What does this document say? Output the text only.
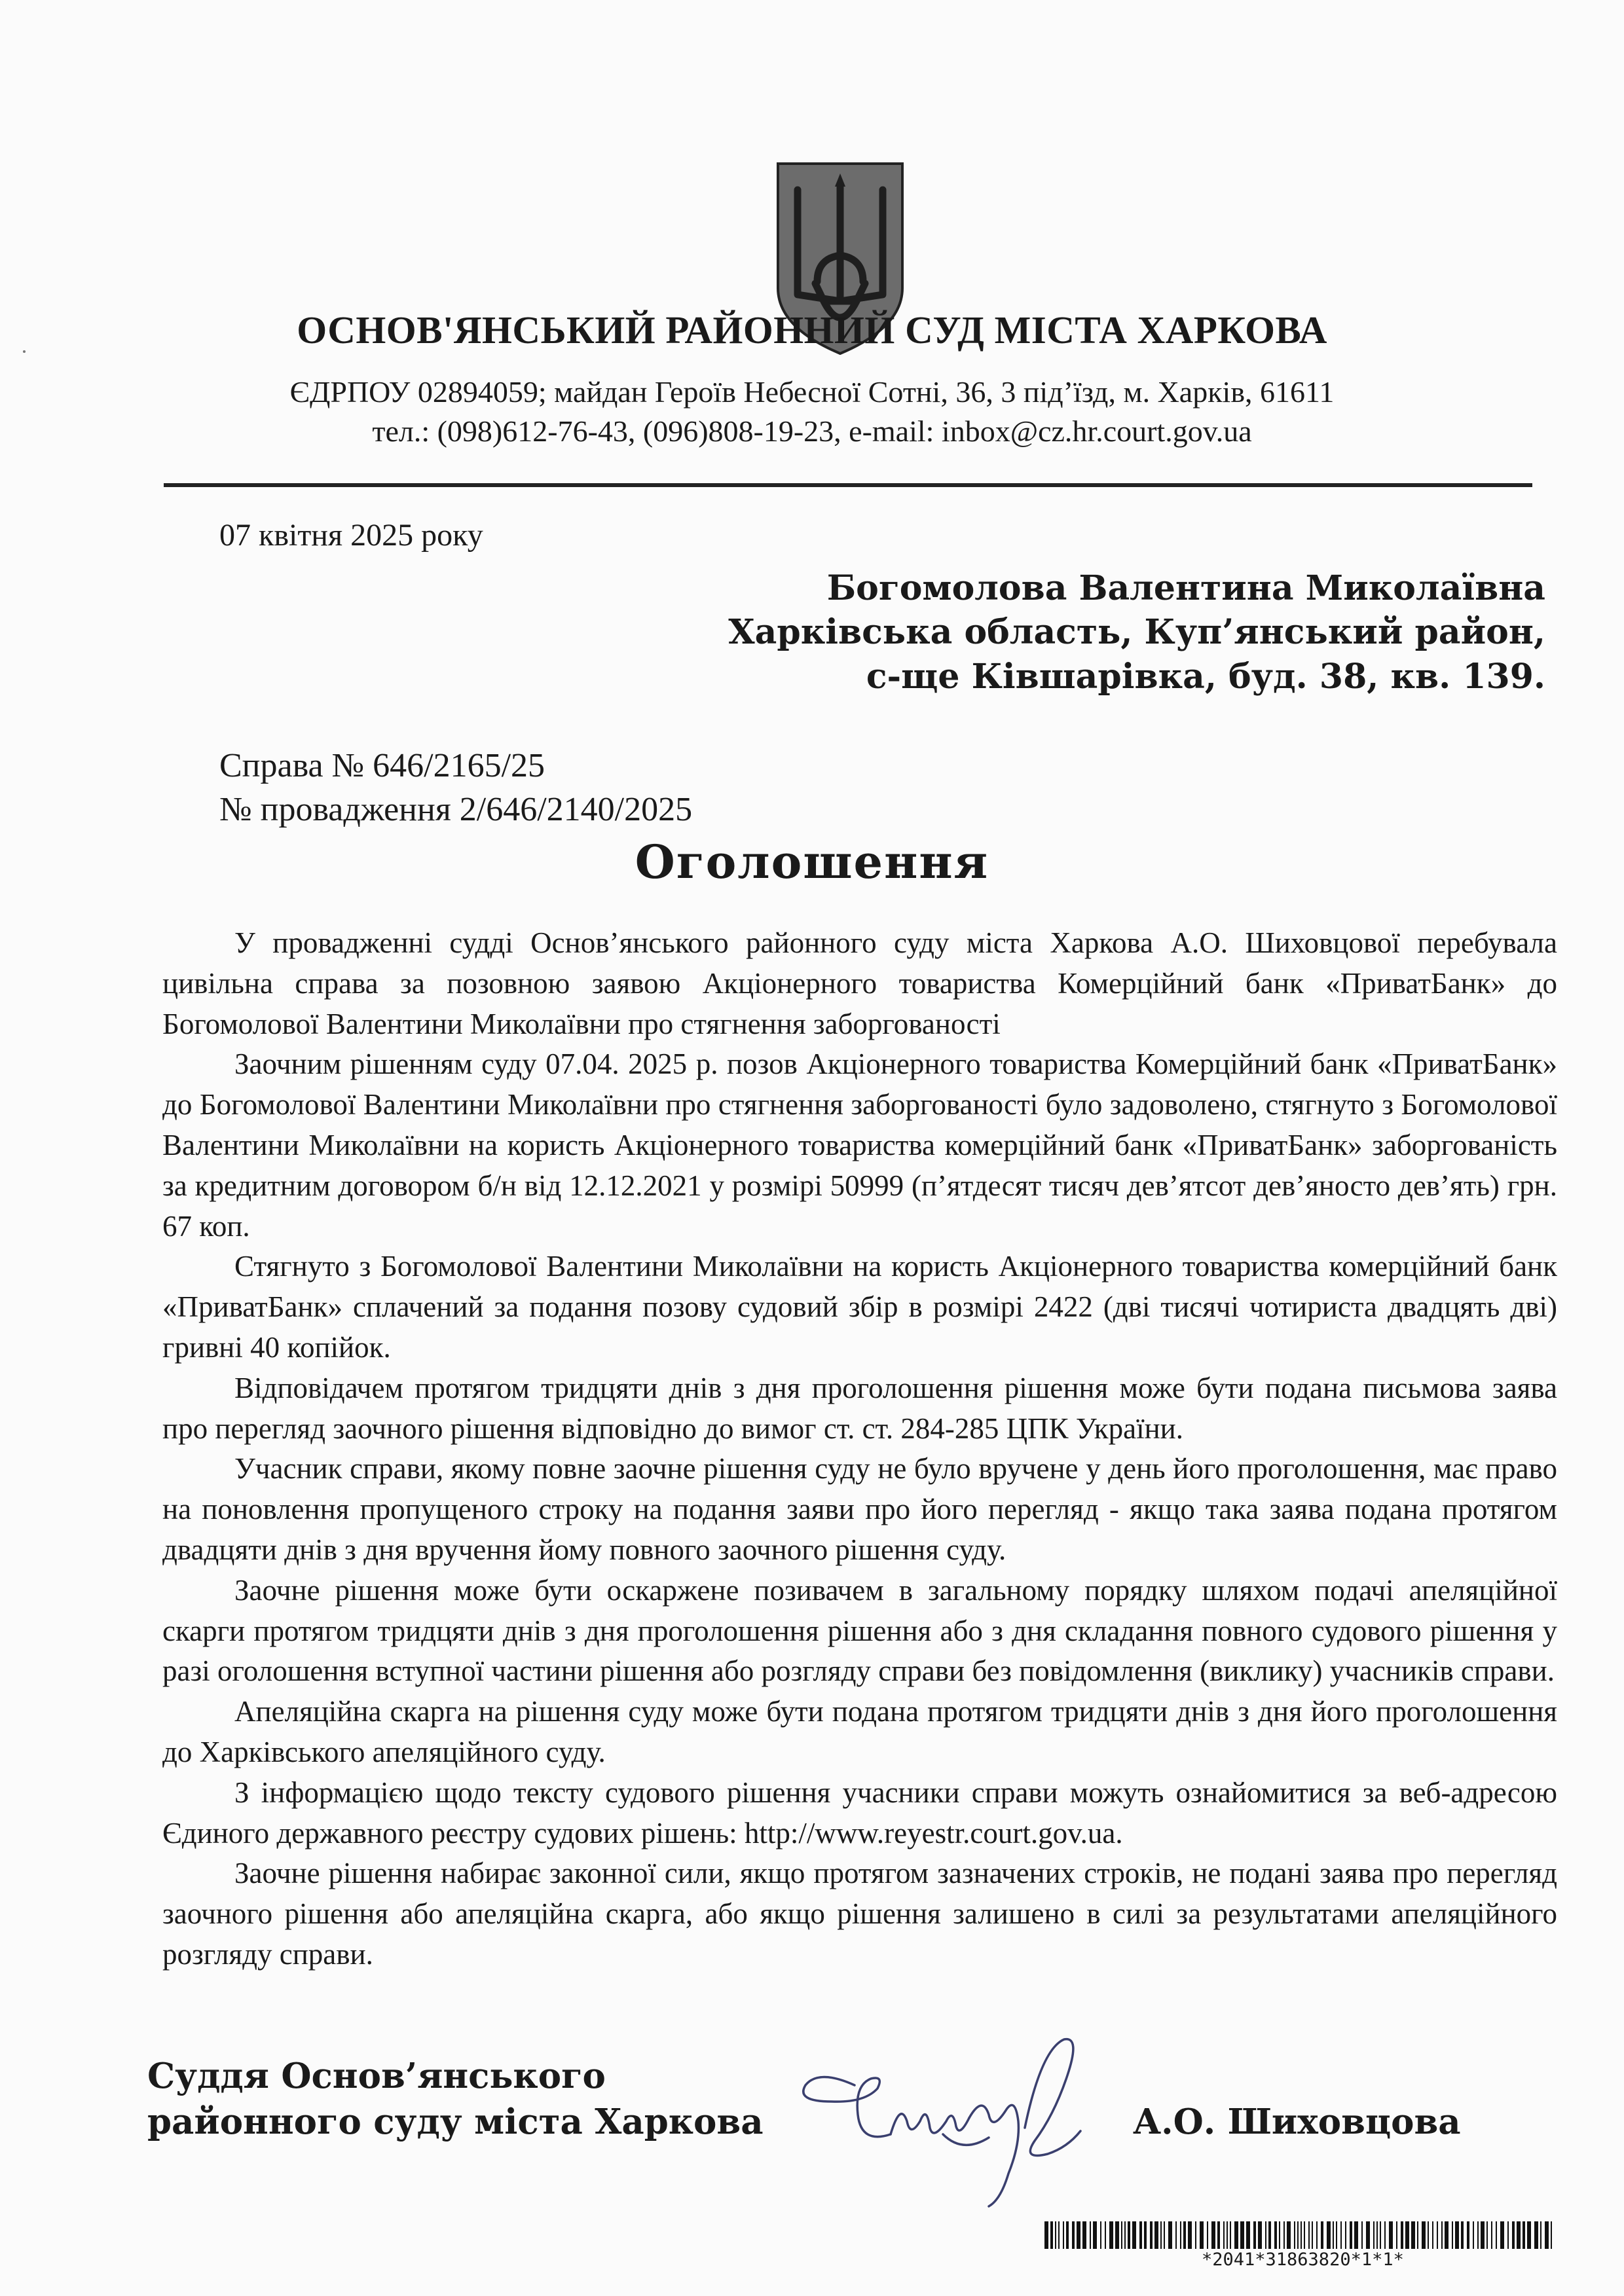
ОСНОВ'ЯНСЬКИЙ РАЙОННИЙ СУД МІСТА ХАРКОВА
ЄДРПОУ 02894059; майдан Героїв Небесної Сотні, 36, 3 під’їзд, м. Харків, 61611
тел.: (098)612-76-43, (096)808-19-23, e-mail: inbox@cz.hr.court.gov.ua
07 квітня 2025 року
Богомолова Валентина Миколаївна
Харківська область, Куп’янський район,
с-ще Ківшарівка, буд. 38, кв. 139.
Справа № 646/2165/25
№ провадження 2/646/2140/2025
Оголошення

У провадженні судді Основ’янського районного суду міста Харкова А.О. Шиховцової перебувала цивільна справа за позовною заявою Акціонерного товариства Комерційний банк «ПриватБанк» до Богомолової Валентини Миколаївни про стягнення заборгованості

Заочним рішенням суду 07.04. 2025 р. позов Акціонерного товариства Комерційний банк «ПриватБанк» до Богомолової Валентини Миколаївни про стягнення заборгованості було задоволено, стягнуто з Богомолової Валентини Миколаївни на користь Акціонерного товариства комерційний банк «ПриватБанк» заборгованість за кредитним договором б/н від 12.12.2021 у розмірі 50999 (п’ятдесят тисяч дев’ятсот дев’яносто дев’ять) грн. 67 коп.

Стягнуто з Богомолової Валентини Миколаївни на користь Акціонерного товариства комерційний банк «ПриватБанк» сплачений за подання позову судовий збір в розмірі 2422 (дві тисячі чотириста двадцять дві) гривні 40 копійок.

Відповідачем протягом тридцяти днів з дня проголошення рішення може бути подана письмова заява про перегляд заочного рішення відповідно до вимог ст. ст. 284-285 ЦПК України.

Учасник справи, якому повне заочне рішення суду не було вручене у день його проголошення, має право на поновлення пропущеного строку на подання заяви про його перегляд - якщо така заява подана протягом двадцяти днів з дня вручення йому повного заочного рішення суду.

Заочне рішення може бути оскаржене позивачем в загальному порядку шляхом подачі апеляційної скарги протягом тридцяти днів з дня проголошення рішення або з дня складання повного судового рішення у разі оголошення вступної частини рішення або розгляду справи без повідомлення (виклику) учасників справи.

Апеляційна скарга на рішення суду може бути подана протягом тридцяти днів з дня його проголошення до Харківського апеляційного суду.

З інформацією щодо тексту судового рішення учасники справи можуть ознайомитися за веб-адресою Єдиного державного реєстру судових рішень: http://www.reyestr.court.gov.ua.

Заочне рішення набирає законної сили, якщо протягом зазначених строків, не подані заява про перегляд заочного рішення або апеляційна скарга, або якщо рішення залишено в силі за результатами апеляційного розгляду справи.

Суддя Основ’янського
районного суду міста Харкова	А.О. Шиховцова
*2041*31863820*1*1*
